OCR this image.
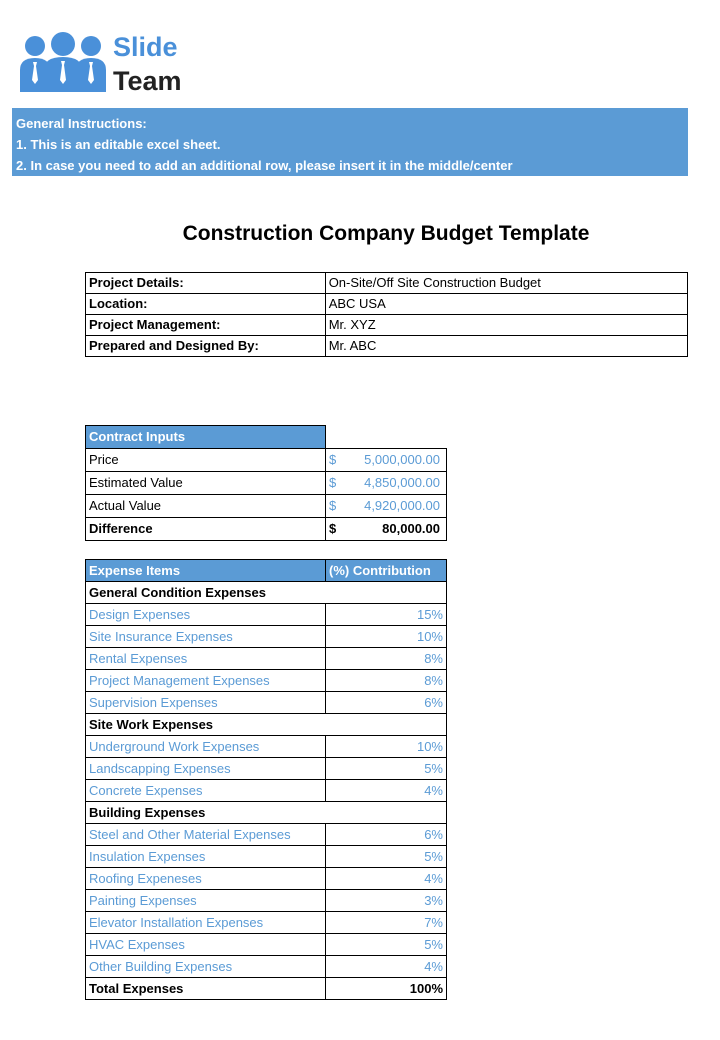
Slide
Team
General Instructions:
1. This is an editable excel sheet.
2. In case you need to add an additional row, please insert it in the middle/center
Construction Company Budget Template
Project Details:	On-Site/Off Site Construction Budget
Location:	ABC USA
Project Management:	Mr. XYZ
Prepared and Designed By:	Mr. ABC
Contract Inputs	
Price	$ 5,000,000.00

Estimated Value	$ 4,850,000.00

Actual Value	$ 4,920,000.00

Difference	$ 80,000.00
Expense Items	(%) Contribution
General Condition Expenses	
Design Expenses	15%
Site Insurance Expenses	10%
Rental Expenses	8%
Project Management Expenses	8%
Supervision Expenses	6%
Site Work Expenses	
Underground Work Expenses	10%
Landscapping Expenses	5%
Concrete Expenses	4%
Building Expenses	
Steel and Other Material Expenses	6%
Insulation Expenses	5%
Roofing Expeneses	4%
Painting Expenses	3%
Elevator Installation Expenses	7%
HVAC Expenses	5%
Other Building Expenses	4%
Total Expenses	100%
